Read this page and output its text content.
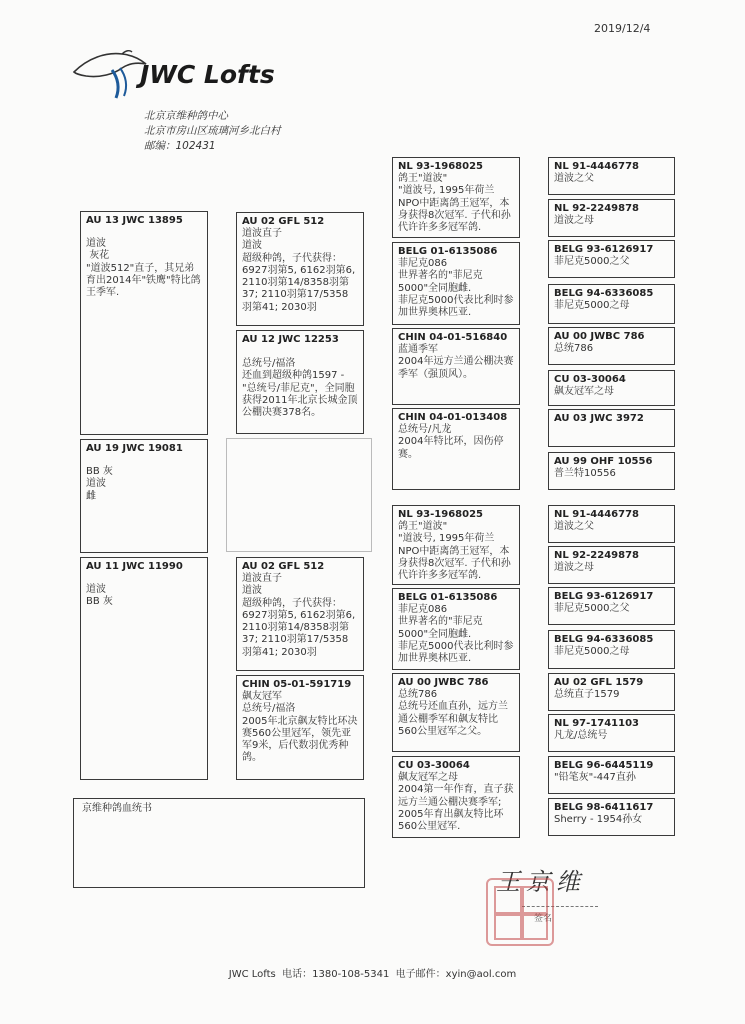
2019/12/4
JWC Lofts
北京京维种鸽中心
北京市房山区琉璃河乡北白村
邮编：102431
AU 13 JWC 13895
道波
灰花
"道波512"直子，其兄弟育出2014年"铁鹰"特比鸽王季军.
AU 19 JWC 19081
BB 灰
道波
雌
AU 11 JWC 11990
道波
BB 灰
AU 02 GFL 512
道波直子
道波
超级种鸽，子代获得：6927羽第5, 6162羽第6, 2110羽第14/8358羽第37; 2110羽第17/5358羽第41; 2030羽
AU 12 JWC 12253
总统号/福洛
还血到超级种鸽1597 - "总统号/菲尼克"，全同胞获得2011年北京长城金顶公棚决赛378名。
AU 02 GFL 512
道波直子
道波
超级种鸽，子代获得：6927羽第5, 6162羽第6, 2110羽第14/8358羽第37; 2110羽第17/5358羽第41; 2030羽
CHIN 05-01-591719
飙友冠军
总统号/福洛
2005年北京飙友特比环决赛560公里冠军，领先亚军9米，后代数羽优秀种鸽。
京维种鸽血统书
NL 93-1968025
鸽王"道波"
"道波号, 1995年荷兰NPO中距离鸽王冠军，本身获得8次冠军. 子代和孙代许许多多冠军鸽.
BELG 01-6135086
菲尼克086
世界著名的"菲尼克5000"全同胞雌.
菲尼克5000代表比利时参加世界奥林匹亚.
CHIN 04-01-516840
蓝通季军
2004年远方兰通公棚决赛季军（强顶风）。
CHIN 04-01-013408
总统号/凡龙
2004年特比环，因伤停赛。
NL 93-1968025
鸽王"道波"
"道波号, 1995年荷兰NPO中距离鸽王冠军，本身获得8次冠军. 子代和孙代许许多多冠军鸽.
BELG 01-6135086
菲尼克086
世界著名的"菲尼克5000"全同胞雌.
菲尼克5000代表比利时参加世界奥林匹亚.
AU 00 JWBC 786
总统786
总统号还血直孙，远方兰通公棚季军和飙友特比560公里冠军之父。
CU 03-30064
飙友冠军之母
2004第一年作育，直子获远方兰通公棚决赛季军; 2005年育出飙友特比环560公里冠军.
NL 91-4446778
道波之父
NL 92-2249878
道波之母
BELG 93-6126917
菲尼克5000之父
BELG 94-6336085
菲尼克5000之母
AU 00 JWBC 786
总统786
CU 03-30064
飙友冠军之母
AU 03 JWC 3972
AU 99 OHF 10556
普兰特10556
NL 91-4446778
道波之父
NL 92-2249878
道波之母
BELG 93-6126917
菲尼克5000之父
BELG 94-6336085
菲尼克5000之母
AU 02 GFL 1579
总统直子1579
NL 97-1741103
凡龙/总统号
BELG 96-6445119
"铅笔灰"-447直孙
BELG 98-6411617
Sherry - 1954孙女
王京维
签名
JWC Lofts  电话：1380-108-5341  电子邮件：xyin@aol.com
